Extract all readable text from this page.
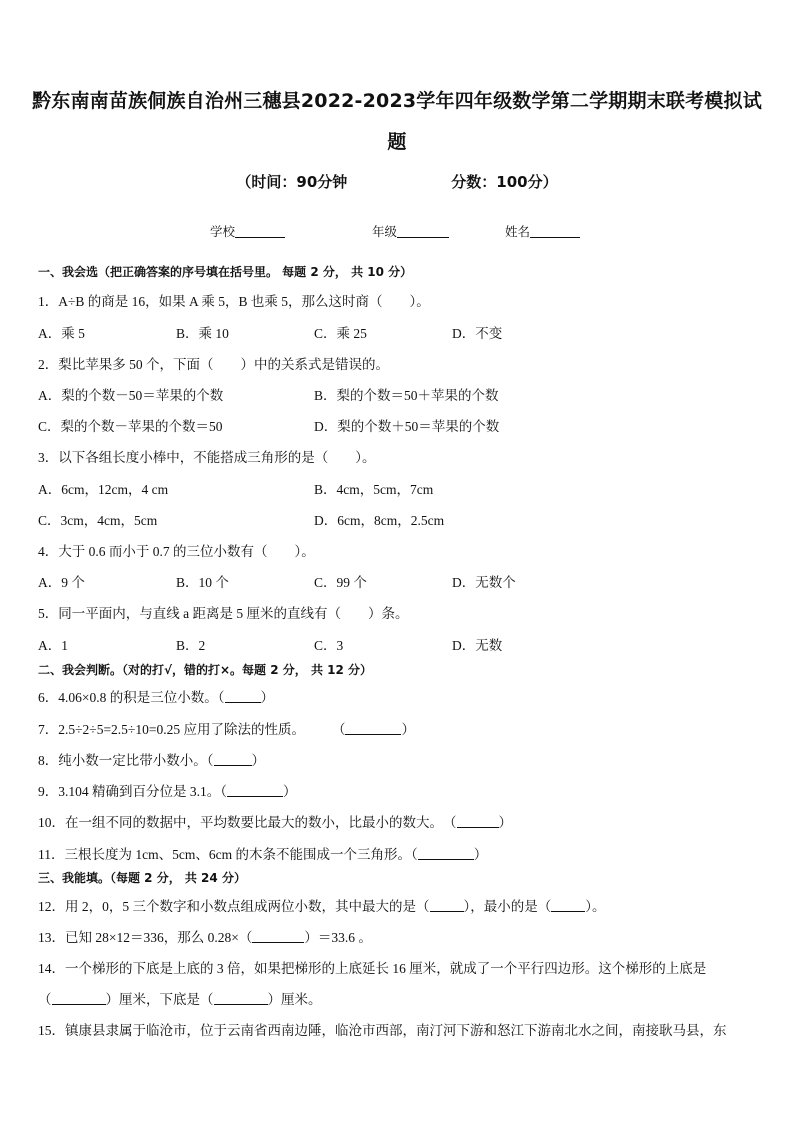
黔东南南苗族侗族自治州三穗县2022-2023学年四年级数学第二学期期末联考模拟试
题
（时间：90分钟	分数：100分）
学校	年级	姓名
一、我会选（把正确答案的序号填在括号里。 每题 2 分， 共 10 分）
1．A÷B 的商是 16，如果 A 乘 5，B 也乘 5，那么这时商（　　）。
A．乘 5	B．乘 10	C．乘 25	D．不变
2．梨比苹果多 50 个，下面（　　）中的关系式是错误的。
A．梨的个数－50＝苹果的个数	B．梨的个数＝50＋苹果的个数
C．梨的个数－苹果的个数＝50	D．梨的个数＋50＝苹果的个数
3．以下各组长度小棒中，不能搭成三角形的是（　　）。
A．6cm，12cm，4 cm	B．4cm，5cm，7cm
C．3cm，4cm，5cm	D．6cm，8cm，2.5cm
4．大于 0.6 而小于 0.7 的三位小数有（　　）。
A．9 个	B．10 个	C．99 个	D．无数个
5．同一平面内，与直线 a 距离是 5 厘米的直线有（　　）条。
A．1	B．2	C．3	D．无数
二、我会判断。（对的打√，错的打×。每题 2 分， 共 12 分）
6．4.06×0.8 的积是三位小数。（	）
7．2.5÷2÷5=2.5÷10=0.25 应用了除法的性质。　　　（	）
8．纯小数一定比带小数小。（	）
9．3.104 精确到百分位是 3.1。（	）
10．在一组不同的数据中，平均数要比最大的数小，比最小的数大。　（	）
11．三根长度为 1cm、5cm、6cm 的木条不能围成一个三角形。（	）
三、我能填。（每题 2 分， 共 24 分）
12．用 2，0，5 三个数字和小数点组成两位小数，其中最大的是（	），最小的是（	）。
13．已知 28×12＝336，那么 0.28×（	）＝33.6 。
14．一个梯形的下底是上底的 3 倍，如果把梯形的上底延长 16 厘米，就成了一个平行四边形。这个梯形的上底是
（	）厘米，下底是（	）厘米。
15．镇康县隶属于临沧市，位于云南省西南边陲，临沧市西部，南汀河下游和怒江下游南北水之间，南接耿马县，东
